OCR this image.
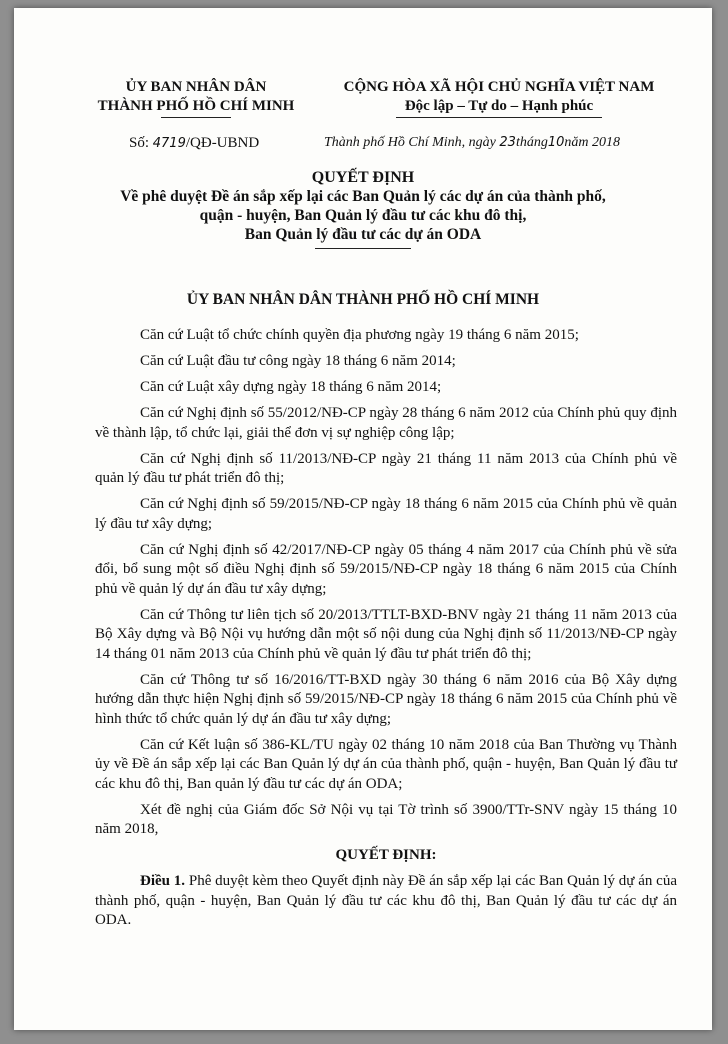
ỦY BAN NHÂN DÂN
THÀNH PHỐ HỒ CHÍ MINH
CỘNG HÒA XÃ HỘI CHỦ NGHĨA VIỆT NAM
Độc lập – Tự do – Hạnh phúc
Số: 4719/QĐ-UBND	Thành phố Hồ Chí Minh, ngày 23tháng10năm 2018
QUYẾT ĐỊNH
Về phê duyệt Đề án sắp xếp lại các Ban Quản lý các dự án của thành phố,
quận - huyện, Ban Quản lý đầu tư các khu đô thị,
Ban Quản lý đầu tư các dự án ODA
ỦY BAN NHÂN DÂN THÀNH PHỐ HỒ CHÍ MINH

Căn cứ Luật tổ chức chính quyền địa phương ngày 19 tháng 6 năm 2015;

Căn cứ Luật đầu tư công ngày 18 tháng 6 năm 2014;

Căn cứ Luật xây dựng ngày 18 tháng 6 năm 2014;

Căn cứ Nghị định số 55/2012/NĐ-CP ngày 28 tháng 6 năm 2012 của Chính phủ quy định về thành lập, tổ chức lại, giải thể đơn vị sự nghiệp công lập;

Căn cứ Nghị định số 11/2013/NĐ-CP ngày 21 tháng 11 năm 2013 của Chính phủ về quản lý đầu tư phát triển đô thị;

Căn cứ Nghị định số 59/2015/NĐ-CP ngày 18 tháng 6 năm 2015 của Chính phủ về quản lý đầu tư xây dựng;

Căn cứ Nghị định số 42/2017/NĐ-CP ngày 05 tháng 4 năm 2017 của Chính phủ về sửa đổi, bổ sung một số điều Nghị định số 59/2015/NĐ-CP ngày 18 tháng 6 năm 2015 của Chính phủ về quản lý dự án đầu tư xây dựng;

Căn cứ Thông tư liên tịch số 20/2013/TTLT-BXD-BNV ngày 21 tháng 11 năm 2013 của Bộ Xây dựng và Bộ Nội vụ hướng dẫn một số nội dung của Nghị định số 11/2013/NĐ-CP ngày 14 tháng 01 năm 2013 của Chính phủ về quản lý đầu tư phát triển đô thị;

Căn cứ Thông tư số 16/2016/TT-BXD ngày 30 tháng 6 năm 2016 của Bộ Xây dựng hướng dẫn thực hiện Nghị định số 59/2015/NĐ-CP ngày 18 tháng 6 năm 2015 của Chính phủ về hình thức tổ chức quản lý dự án đầu tư xây dựng;

Căn cứ Kết luận số 386-KL/TU ngày 02 tháng 10 năm 2018 của Ban Thường vụ Thành ủy về Đề án sắp xếp lại các Ban Quản lý dự án của thành phố, quận - huyện, Ban Quản lý đầu tư các khu đô thị, Ban quản lý đầu tư các dự án ODA;

Xét đề nghị của Giám đốc Sở Nội vụ tại Tờ trình số 3900/TTr-SNV ngày 15 tháng 10 năm 2018,

QUYẾT ĐỊNH:

Điều 1. Phê duyệt kèm theo Quyết định này Đề án sắp xếp lại các Ban Quản lý dự án của thành phố, quận - huyện, Ban Quản lý đầu tư các khu đô thị, Ban Quản lý đầu tư các dự án ODA.
